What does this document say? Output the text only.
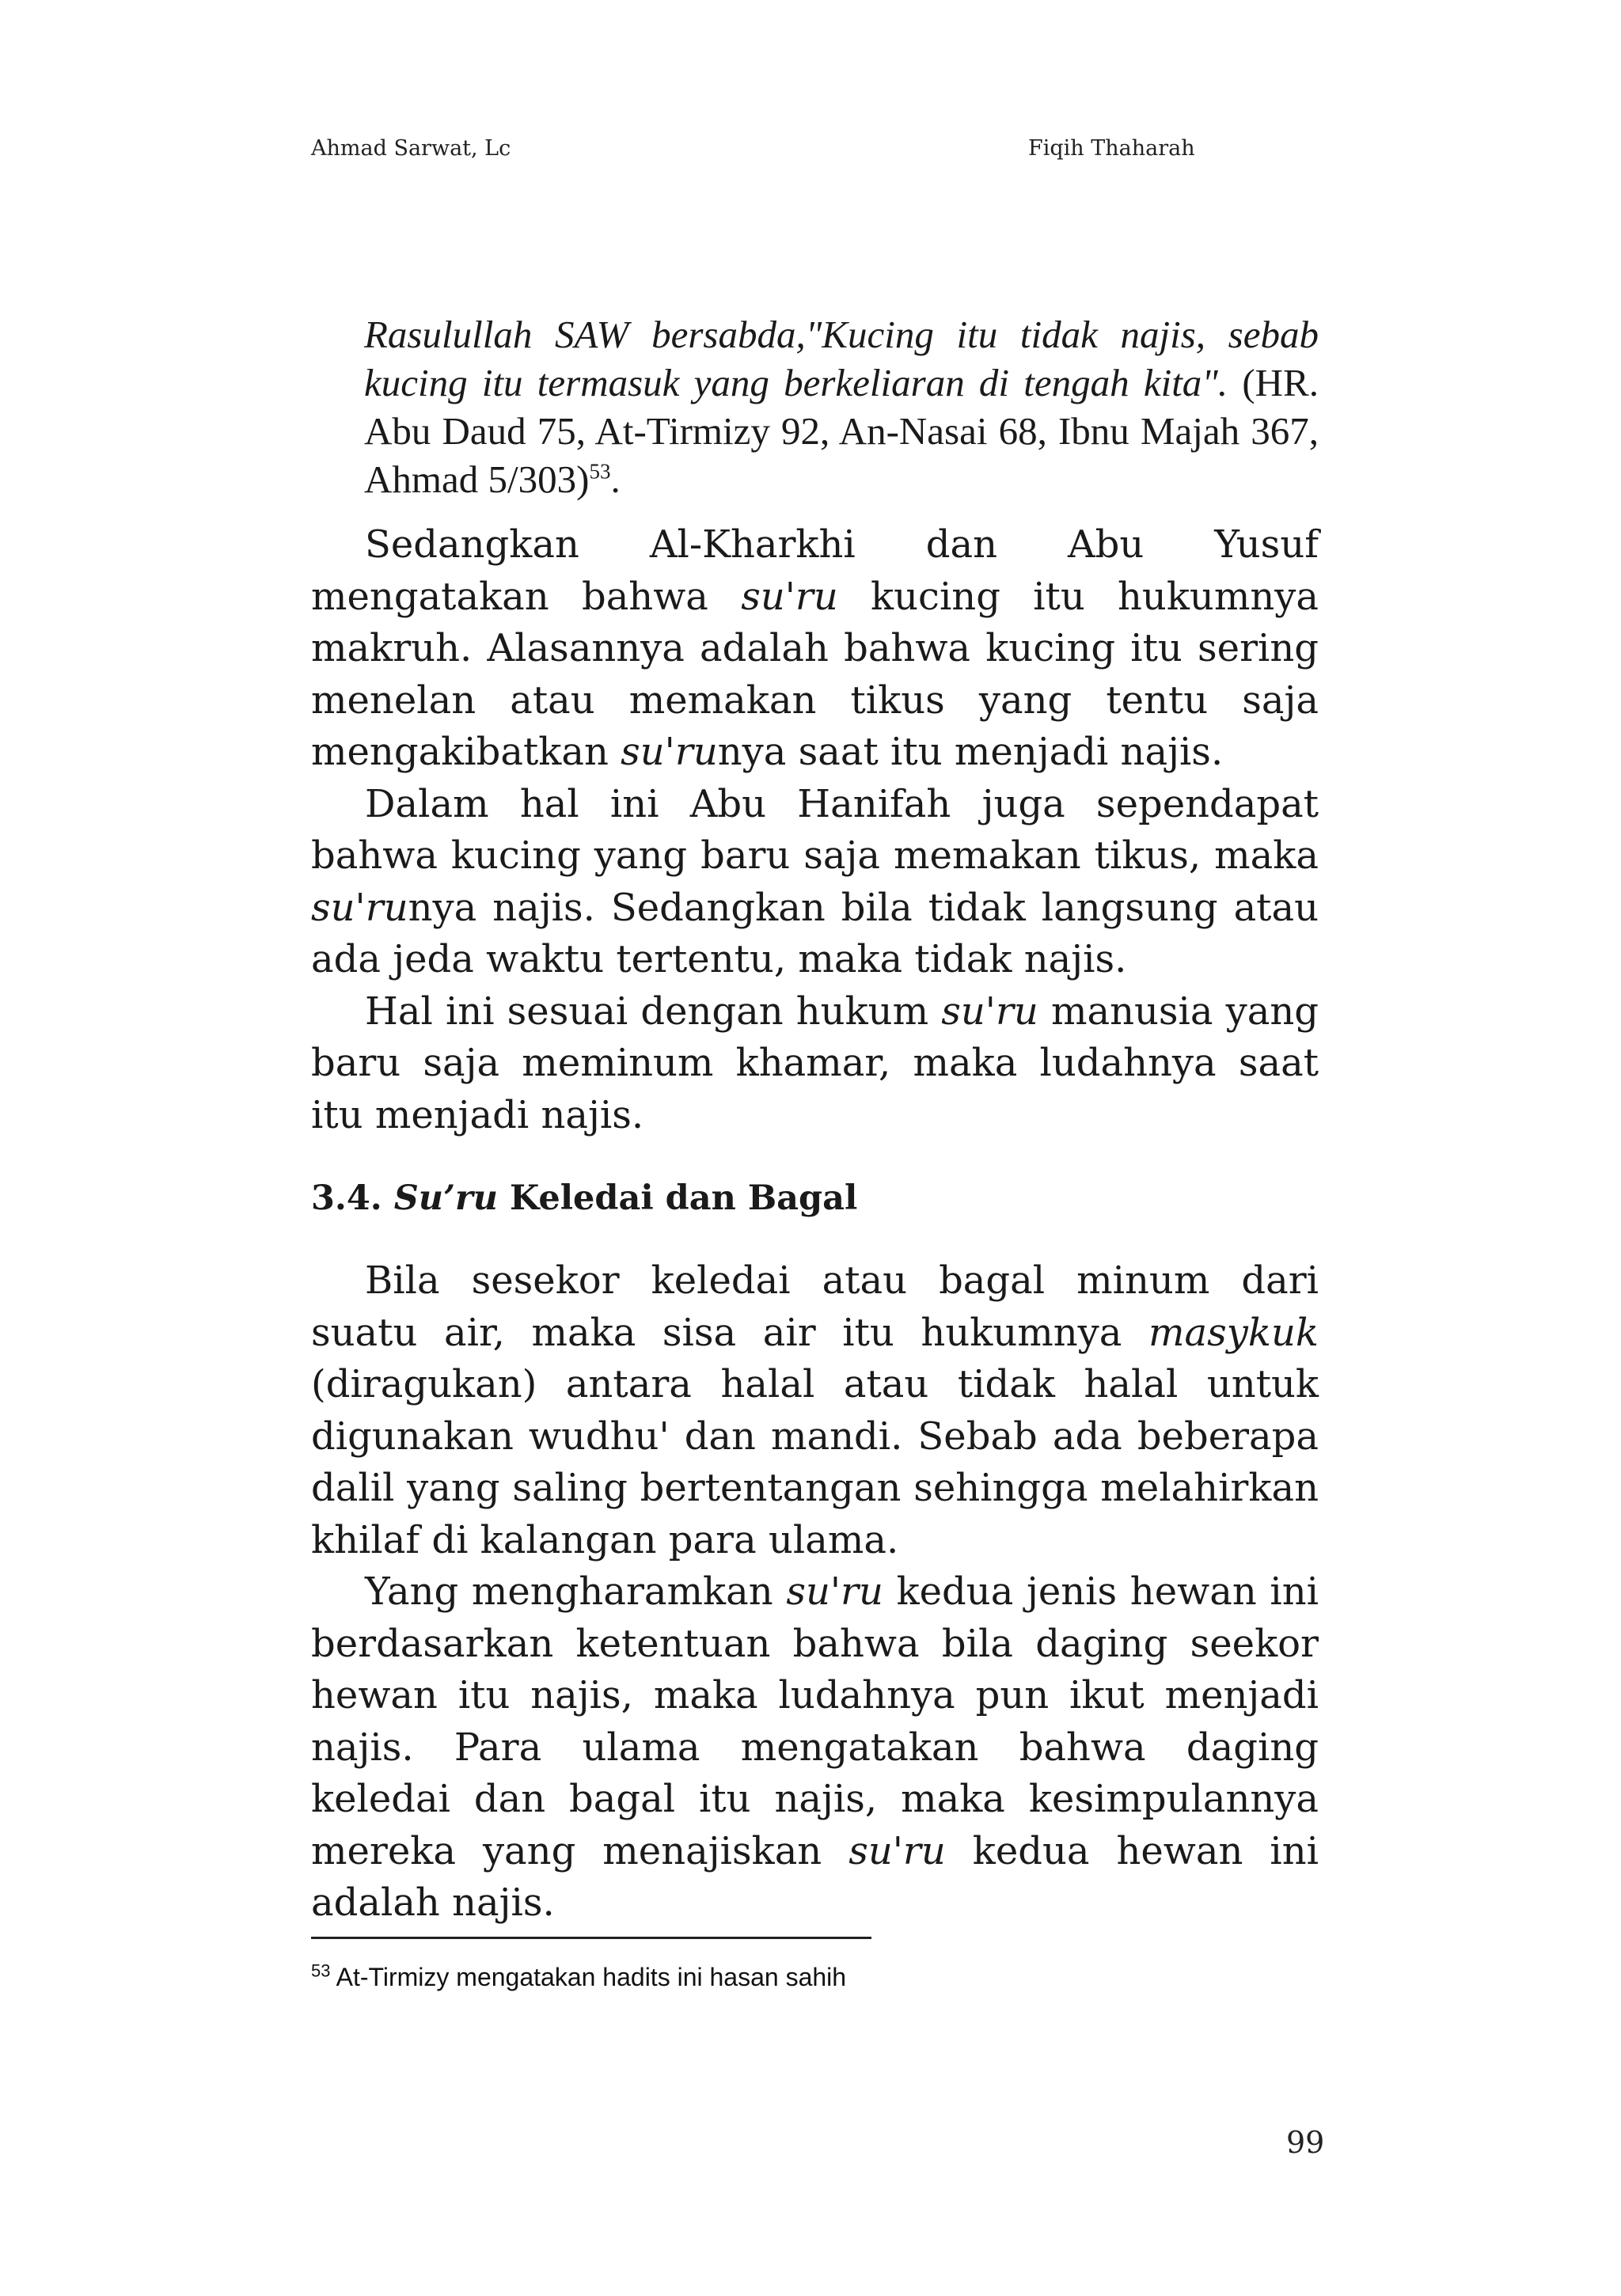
Ahmad Sarwat, Lc	Fiqih Thaharah

Rasulullah SAW bersabda,"Kucing itu tidak najis, sebab kucing itu termasuk yang berkeliaran di tengah kita". (HR. Abu Daud 75, At-Tirmizy 92, An-Nasai 68, Ibnu Majah 367, Ahmad 5/303)$^{53}$.

Sedangkan Al-Kharkhi dan Abu Yusuf mengatakan bahwa su'ru kucing itu hukumnya makruh. Alasannya adalah bahwa kucing itu sering menelan atau memakan tikus yang tentu saja mengakibatkan su'runya saat itu menjadi najis.

Dalam hal ini Abu Hanifah juga sependapat bahwa kucing yang baru saja memakan tikus, maka su'runya najis. Sedangkan bila tidak langsung atau ada jeda waktu tertentu, maka tidak najis.

Hal ini sesuai dengan hukum su'ru manusia yang baru saja meminum khamar, maka ludahnya saat itu menjadi najis.

3.4. Su’ru Keledai dan Bagal

Bila sesekor keledai atau bagal minum dari suatu air, maka sisa air itu hukumnya masykuk (diragukan) antara halal atau tidak halal untuk digunakan wudhu' dan mandi. Sebab ada beberapa dalil yang saling bertentangan sehingga melahirkan khilaf di kalangan para ulama.

Yang mengharamkan su'ru kedua jenis hewan ini berdasarkan ketentuan bahwa bila daging seekor hewan itu najis, maka ludahnya pun ikut menjadi najis. Para ulama mengatakan bahwa daging keledai dan bagal itu najis, maka kesimpulannya mereka yang menajiskan su'ru kedua hewan ini adalah najis.

$^{53}$ At-Tirmizy mengatakan hadits ini hasan sahih
99
